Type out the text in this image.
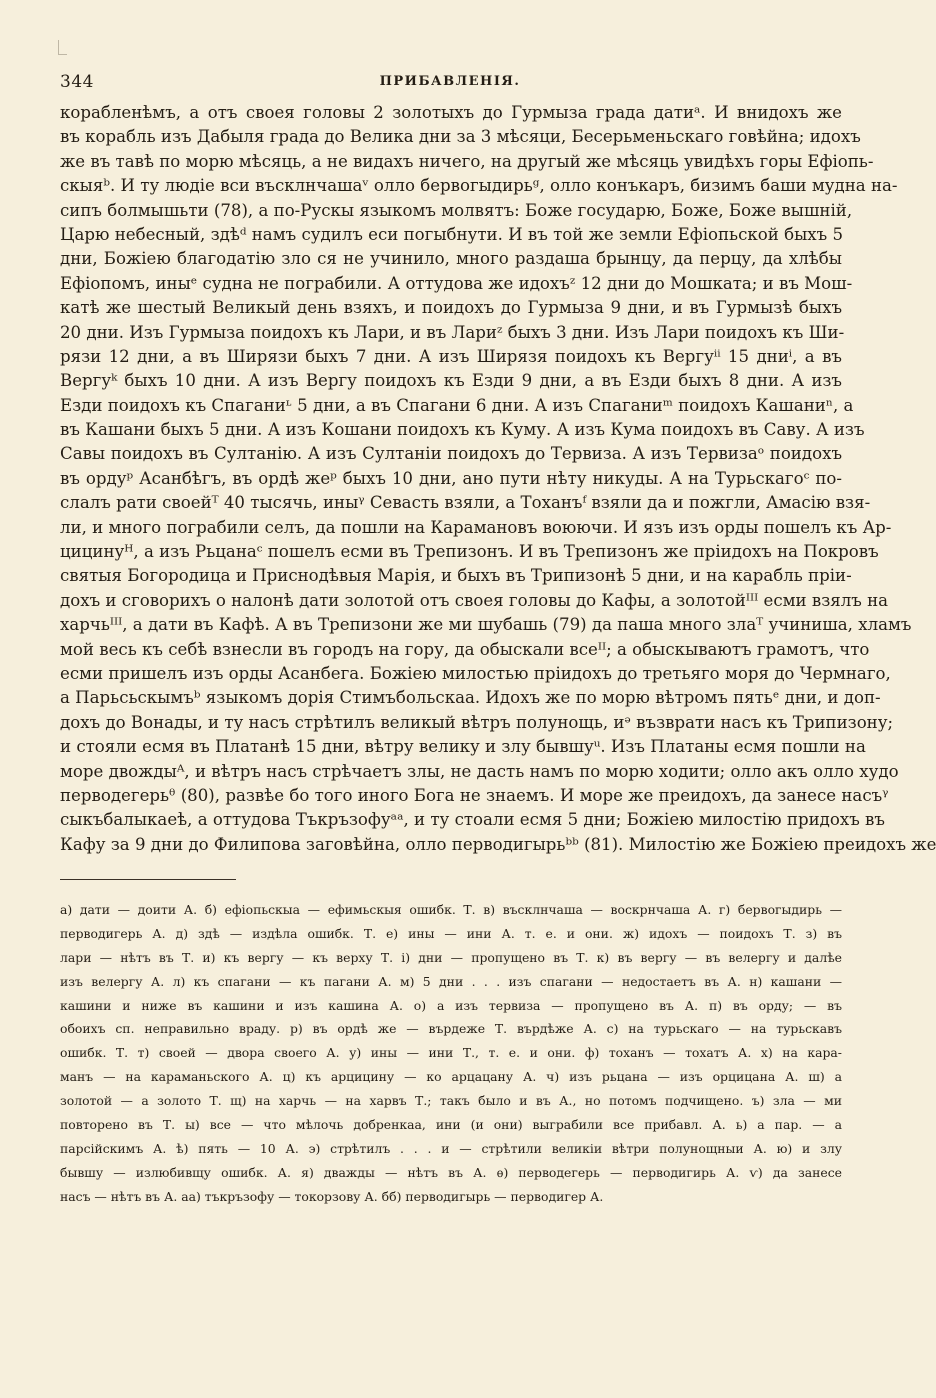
344	ПРИБАВЛЕНІЯ.
корабленѣмъ, а отъ своея головы 2 золотыхъ до Гурмыза града датиᵃ. И внидохъ же
въ корабль изъ Дабыля града до Велика дни за 3 мѣсяци, Бесерьменьскаго говѣйна; идохъ
же въ тавѣ по морю мѣсяць, а не видахъ ничего, на другый же мѣсяць увидѣхъ горы Ефіопь-
скыяᵇ. И ту людіе вси въсклнчашаᵛ олло бервогыдирьᵍ, олло конъкаръ, бизимъ баши мудна на-
сипъ болмышьти (78), а по-Рускы языкомъ молвятъ: Боже государю, Боже, Боже вышній,
Царю небесный, здѣᵈ намъ судилъ еси погыбнути. И въ той же земли Ефіопьской быхъ 5
дни, Божіею благодатію зло ся не учинило, много раздаша брынцу, да перцу, да хлѣбы
Ефіопомъ, иныᵉ судна не пограбили. А оттудова же идохъᶻ 12 дни до Мошката; и въ Мош-
катѣ же шестый Великый день взяхъ, и поидохъ до Гурмыза 9 дни, и въ Гурмызѣ быхъ
20 дни. Изъ Гурмыза поидохъ къ Лари, и въ Лариᶻ быхъ 3 дни. Изъ Лари поидохъ къ Ши-
рязи 12 дни, а въ Ширязи быхъ 7 дни. А изъ Ширязя поидохъ къ Вергуⁱⁱ 15 дниⁱ, а въ
Вергуᵏ быхъ 10 дни. А изъ Вергу поидохъ къ Езди 9 дни, а въ Езди быхъ 8 дни. А изъ
Езди поидохъ къ Спаганиᶫ 5 дни, а въ Спагани 6 дни. А изъ Спаганиᵐ поидохъ Кашаниⁿ, а
въ Кашани быхъ 5 дни. А изъ Кошани поидохъ къ Куму. А изъ Кума поидохъ въ Саву. А изъ
Савы поидохъ въ Султанію. А изъ Султаніи поидохъ до Тервиза. А изъ Тервизаᵒ поидохъ
въ ордуᵖ Асанбѣгъ, въ ордѣ жеᵖ быхъ 10 дни, ано пути нѣту никуды. А на Турьскагоᶜ по-
слалъ рати своейᵀ 40 тысячь, иныᵞ Севасть взяли, а Тоханъᶠ взяли да и пожгли, Амасію взя-
ли, и много пограбили селъ, да пошли на Карамановъ воюючи. И язъ изъ орды пошелъ къ Ар-
цицинуᴴ, а изъ Рьцанаᶜ пошелъ есми въ Трепизонъ. И въ Трепизонъ же пріидохъ на Покровъ
святыя Богородица и Приснодѣвыя Марія, и быхъ въ Трипизонѣ 5 дни, и на карабль пріи-
дохъ и сговорихъ о налонѣ дати золотой отъ своея головы до Кафы, а золотойᴵᴵᴵ есми взялъ на
харчьᴵᴵᴵ, а дати въ Кафѣ. А въ Трепизони же ми шубашь (79) да паша много злаᵀ учиниша, хламъ
мой весь къ себѣ взнесли въ городъ на гору, да обыскали всеᴵᴵ; а обыскываютъ грамотъ, что
есми пришелъ изъ орды Асанбега. Божіею милостью пріидохъ до третьяго моря до Чермнаго,
а Парьсьскымъᵇ языкомъ дорія Стимъбольскаа. Идохъ же по морю вѣтромъ пятьᵉ дни, и доп-
дохъ до Вонады, и ту насъ стрѣтилъ великый вѣтръ полунощь, иᵊ възврати насъ къ Трипизону;
и стояли есмя въ Платанѣ 15 дни, вѣтру велику и злу бывшуᵘ. Изъ Платаны есмя пошли на
море двождыᴬ, и вѣтръ насъ стрѣчаетъ злы, не дасть намъ по морю ходити; олло акъ олло худо
перводегерьᶿ (80), развѣе бо того иного Бога не знаемъ. И море же преидохъ, да занесе насъᵞ
сыкъбалыкаеѣ, а оттудова Тъкръзофуᵃᵃ, и ту стоали есмя 5 дни; Божіею милостію придохъ въ
Кафу за 9 дни до Филипова заговѣйна, олло перводигырьᵇᵇ (81). Милостію же Божіею преидохъ же
а) дати — доити А. б) ефіопьскыа — ефимьскыя ошибк. Т. в) въсклнчаша — воскрнчаша А. г) бервогыдирь —
перводигерь А. д) здѣ — издѣла ошибк. Т. е) ины — ини А. т. е. и они. ж) идохъ — поидохъ Т. з) въ
лари — нѣтъ въ Т. и) къ вергу — къ верху Т. і) дни — пропущено въ Т. к) въ вергу — въ велергу и далѣе
изъ велергу А. л) къ спагани — къ пагани А. м) 5 дни . . . изъ спагани — недостаетъ въ А. н) кашани —
кашини и ниже въ кашини и изъ кашина А. о) а изъ тервиза — пропущено въ А. п) въ орду; — въ
обоихъ сп. неправильно враду. р) въ ордѣ же — върдеже Т. върдѣже А. с) на турьскаго — на турьскавъ
ошибк. Т. т) своей — двора своего А. у) ины — ини Т., т. е. и они. ф) тоханъ — тохатъ А. х) на кара-
манъ — на караманьского А. ц) къ арцицину — ко арцацану А. ч) изъ рьцана — изъ орцицана А. ш) а
золотой — а золото Т. щ) на харчь — на харвъ Т.; такъ было и въ А., но потомъ подчищено. ъ) зла — ми
повторено въ Т. ы) все — что мѣлочь добренкаа, ини (и они) выграбили все прибавл. А. ь) а пар. — а
парсійскимъ А. ѣ) пять — 10 А. э) стрѣтилъ . . . и — стрѣтили великіи вѣтри полунощныи А. ю) и злу
бывшу — излюбивщу ошибк. А. я) дважды — нѣтъ въ А. ѳ) перводегерь — перводигирь А. ѵ) да занесе
насъ — нѣтъ въ А. аа) тъкръзофу — токорзову А. бб) перводигырь — перводигер А.
